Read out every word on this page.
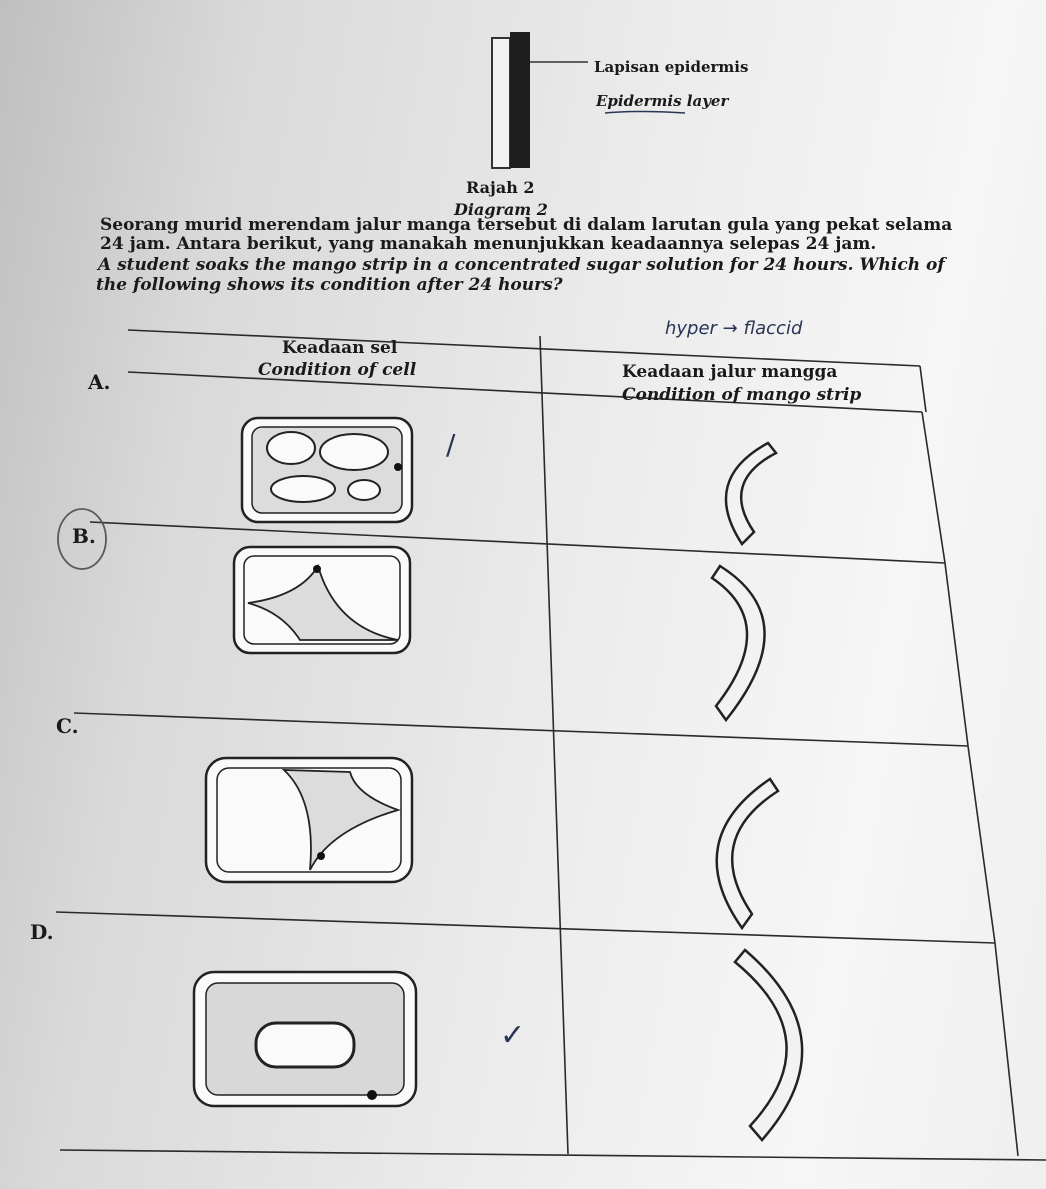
Lapisan epidermis
Epidermis layer
Rajah 2
Diagram 2
Seorang murid merendam jalur manga tersebut di dalam larutan gula yang pekat selama
24 jam. Antara berikut, yang manakah menunjukkan keadaannya selepas 24 jam.
A student soaks the mango strip in a concentrated sugar solution for 24 hours. Which of
the following shows its condition after 24 hours?
hyper → flaccid
Keadaan sel
Condition of cell	Keadaan jalur mangga
Condition of mango strip
A.
B.
C.
D.
/
✓
